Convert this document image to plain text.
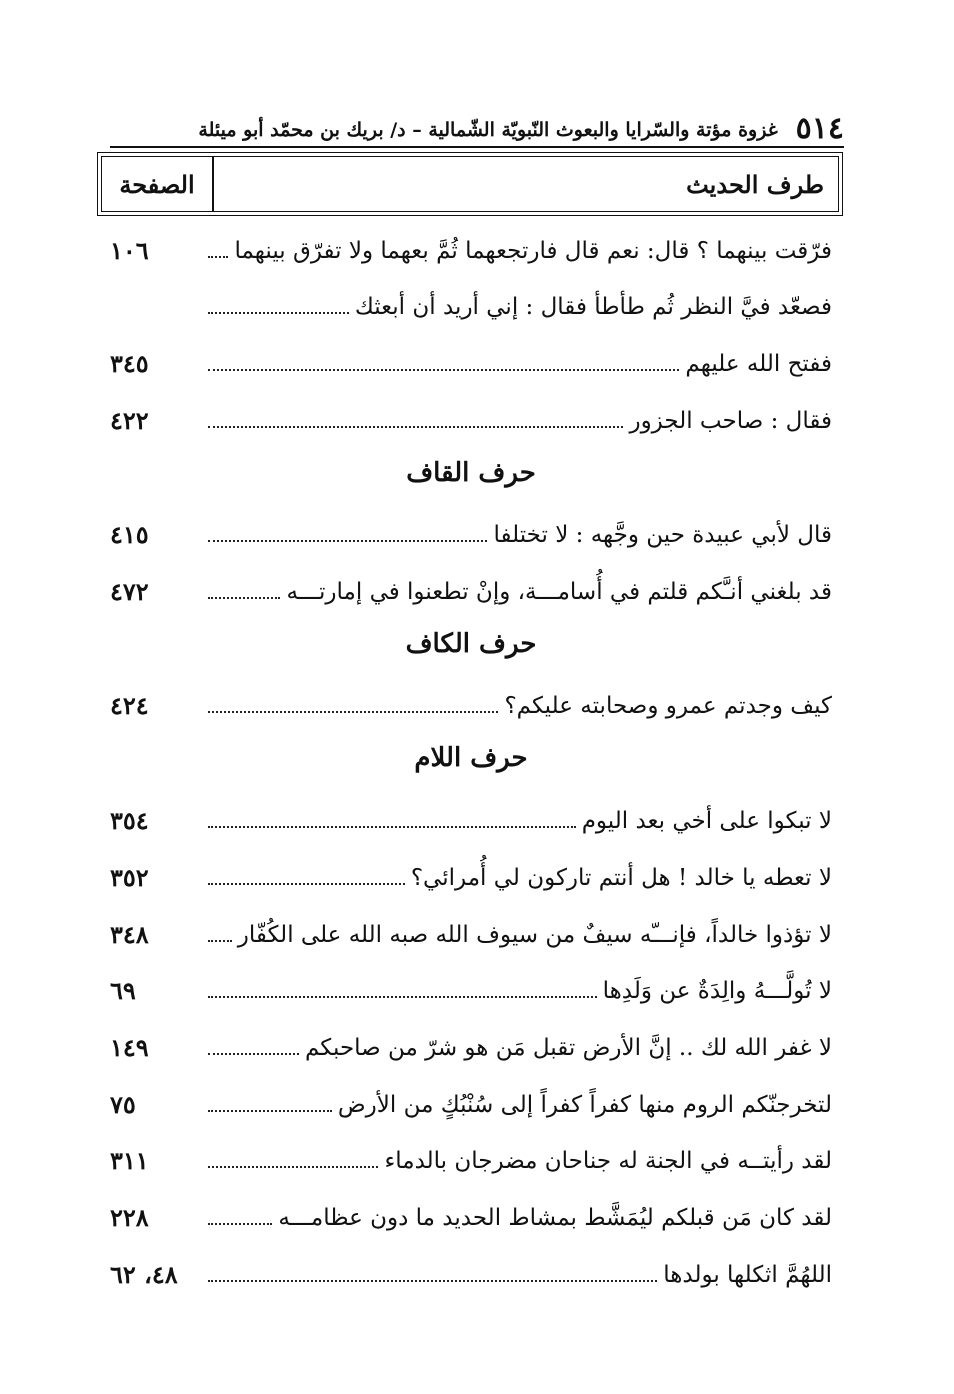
٥١٤
غزوة مؤتة والسّرايا والبعوث النّبويّة الشّمالية – د/ بريك بن محمّد أبو ميئلة
طرف الحديث
الصفحة
فرّقت بينهما ؟ قال: نعم قال فارتجعهما ثُمَّ بعهما ولا تفرّق بينهما
١٠٦
فصعّد فيَّ النظر ثُم طأطأ فقال : إني أريد أن أبعثك
ففتح الله عليهم
٣٤٥
فقال : صاحب الجزور
٤٢٢
حرف القاف
قال لأبي عبيدة حين وجَّهه : لا تختلفا
٤١٥
قد بلغني أنـَّكم قلتم في أُسامـــة، وإنْ تطعنوا في إمارتـــه
٤٧٢
حرف الكاف
كيف وجدتم عمرو وصحابته عليكم؟
٤٢٤
حرف اللام
لا تبكوا على أخي بعد اليوم
٣٥٤
لا تعطه يا خالد ! هل أنتم تاركون لي أُمرائي؟
٣٥٢
لا تؤذوا خالداً، فإنـــّه سيفٌ من سيوف الله صبه الله على الكُفّار
٣٤٨
لا تُولَّـــهُ والِدَةٌ عن وَلَدِها
٦٩
لا غفر الله لك .. إنَّ الأرض تقبل مَن هو شرّ من صاحبكم
١٤٩
لتخرجنّكم الروم منها كفراً كفراً إلى سُنْبُكٍ من الأرض
٧٥
لقد رأيتــه في الجنة له جناحان مضرجان بالدماء
٣١١
لقد كان مَن قبلكم ليُمَشَّط بمشاط الحديد ما دون عظامـــه
٢٢٨
اللهُمَّ اثكلها بولدها
٤٨، ٦٢
